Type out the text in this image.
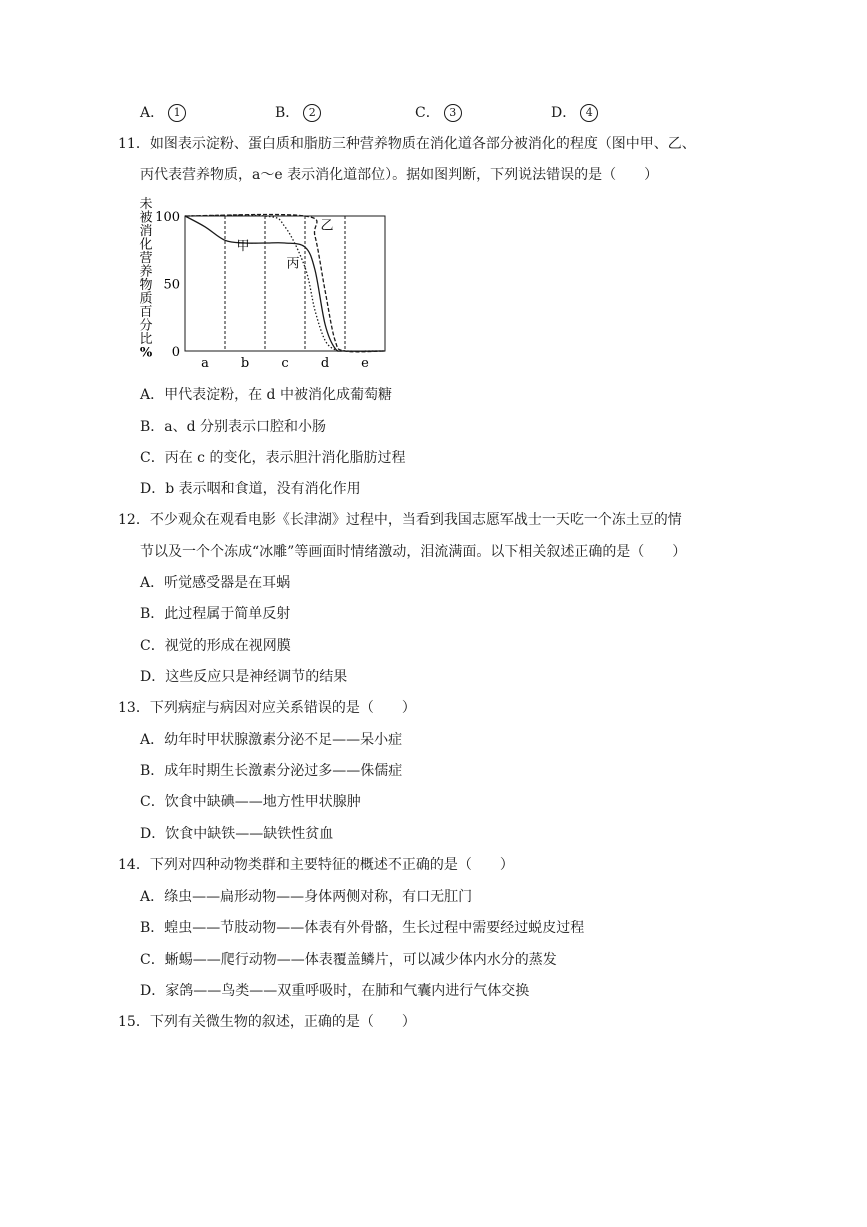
A． 1	B． 2	C． 3	D． 4
11．如图表示淀粉、蛋白质和脂肪三种营养物质在消化道各部分被消化的程度（图中甲、乙、
丙代表营养物质，a～e 表示消化道部位）。据如图判断，下列说法错误的是（　　）
未
被
消
化
营
养
物
质
百
分
比
%
100
50
0
甲
乙
丙
a b c d e
A．甲代表淀粉，在 d 中被消化成葡萄糖
B．a、d 分别表示口腔和小肠
C．丙在 c 的变化，表示胆汁消化脂肪过程
D．b 表示咽和食道，没有消化作用
12．不少观众在观看电影《长津湖》过程中，当看到我国志愿军战士一天吃一个冻土豆的情
节以及一个个冻成“冰雕”等画面时情绪激动，泪流满面。以下相关叙述正确的是（　　）
A．听觉感受器是在耳蜗
B．此过程属于简单反射
C．视觉的形成在视网膜
D．这些反应只是神经调节的结果
13．下列病症与病因对应关系错误的是（　　）
A．幼年时甲状腺激素分泌不足——呆小症
B．成年时期生长激素分泌过多——侏儒症
C．饮食中缺碘——地方性甲状腺肿
D．饮食中缺铁——缺铁性贫血
14．下列对四种动物类群和主要特征的概述不正确的是（　　）
A．绦虫——扁形动物——身体两侧对称，有口无肛门
B．蝗虫——节肢动物——体表有外骨骼，生长过程中需要经过蜕皮过程
C．蜥蜴——爬行动物——体表覆盖鳞片，可以减少体内水分的蒸发
D．家鸽——鸟类——双重呼吸时，在肺和气囊内进行气体交换
15．下列有关微生物的叙述，正确的是（　　）
